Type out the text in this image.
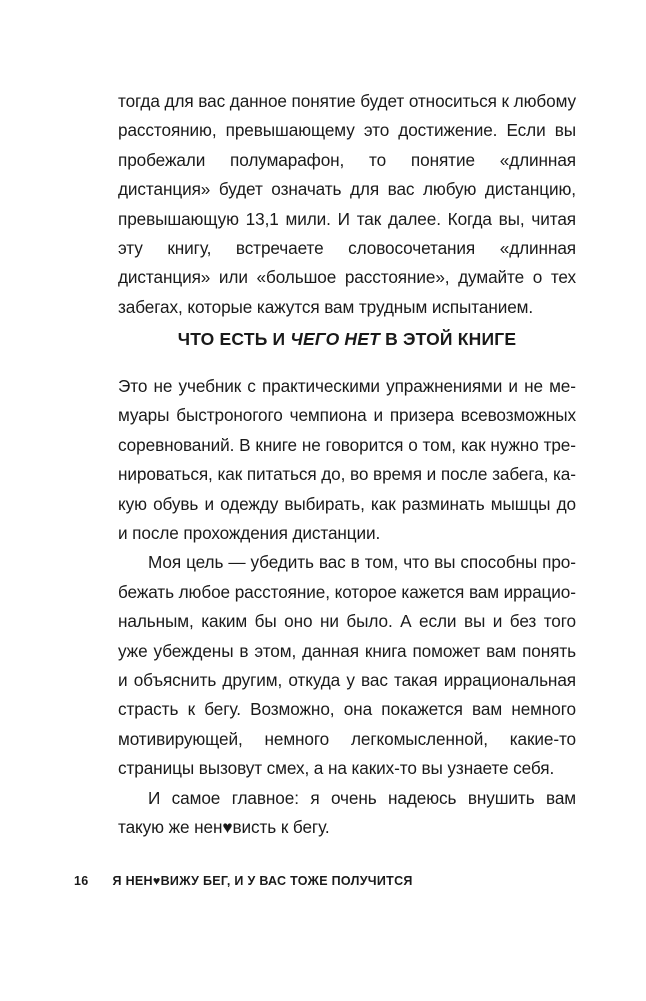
тогда для вас данное понятие будет относиться к любому расстоянию, превышающему это достижение. Если вы пробежали полумарафон, то понятие «длинная дистанция» будет означать для вас любую дистанцию, превышающую 13,1 мили. И так далее. Когда вы, читая эту книгу, встречаете словосочетания «длинная дистанция» или «большое расстояние», думайте о тех забегах, которые кажутся вам трудным испытанием.

ЧТО ЕСТЬ И ЧЕГО НЕТ В ЭТОЙ КНИГЕ

Это не учебник с практическими упражнениями и не мемуары быстроногого чемпиона и призера всевозможных соревнований. В книге не говорится о том, как нужно тренироваться, как питаться до, во время и после забега, какую обувь и одежду выбирать, как разминать мышцы до и после прохождения дистанции.

Моя цель — убедить вас в том, что вы способны пробежать любое расстояние, которое кажется вам иррациональным, каким бы оно ни было. А если вы и без того уже убеждены в этом, данная книга поможет вам понять и объяснить другим, откуда у вас такая иррациональная страсть к бегу. Возможно, она покажется вам немного мотивирующей, немного легкомысленной, какие-то страницы вызовут смех, а на каких-то вы узнаете себя.

И самое главное: я очень надеюсь внушить вам такую же нен♥висть к бегу.

16 Я НЕН♥ВИЖУ БЕГ, И У ВАС ТОЖЕ ПОЛУЧИТСЯ
